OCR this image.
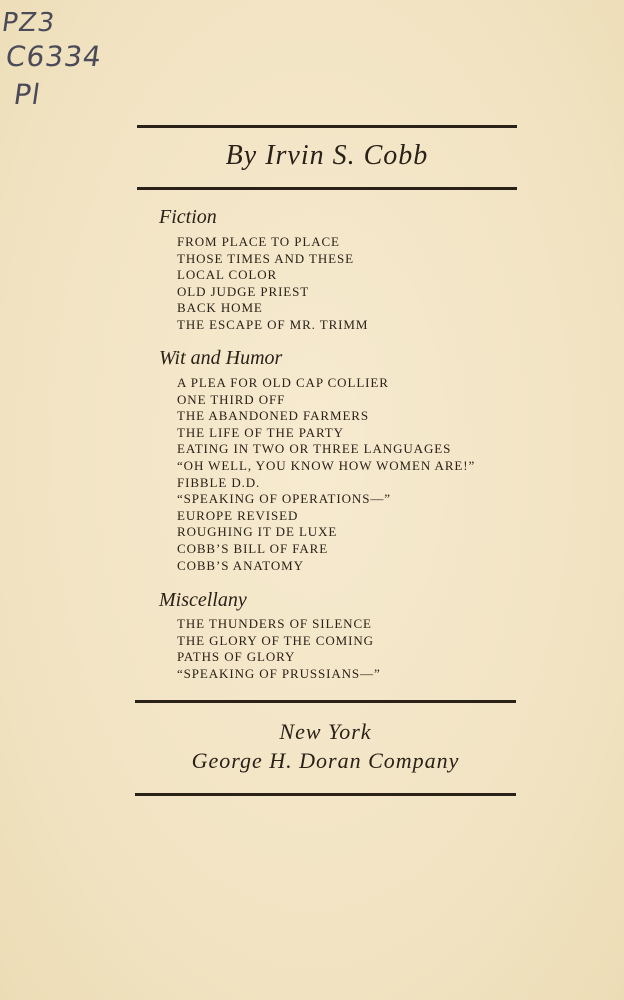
PZ3
C6334
Pl
By Irvin S. Cobb
Fiction
FROM PLACE TO PLACE
THOSE TIMES AND THESE
LOCAL COLOR
OLD JUDGE PRIEST
BACK HOME
THE ESCAPE OF MR. TRIMM
Wit and Humor
A PLEA FOR OLD CAP COLLIER
ONE THIRD OFF
THE ABANDONED FARMERS
THE LIFE OF THE PARTY
EATING IN TWO OR THREE LANGUAGES
“OH WELL, YOU KNOW HOW WOMEN ARE!”
FIBBLE D.D.
“SPEAKING OF OPERATIONS—”
EUROPE REVISED
ROUGHING IT DE LUXE
COBB’S BILL OF FARE
COBB’S ANATOMY
Miscellany
THE THUNDERS OF SILENCE
THE GLORY OF THE COMING
PATHS OF GLORY
“SPEAKING OF PRUSSIANS—”
New York
George H. Doran Company
